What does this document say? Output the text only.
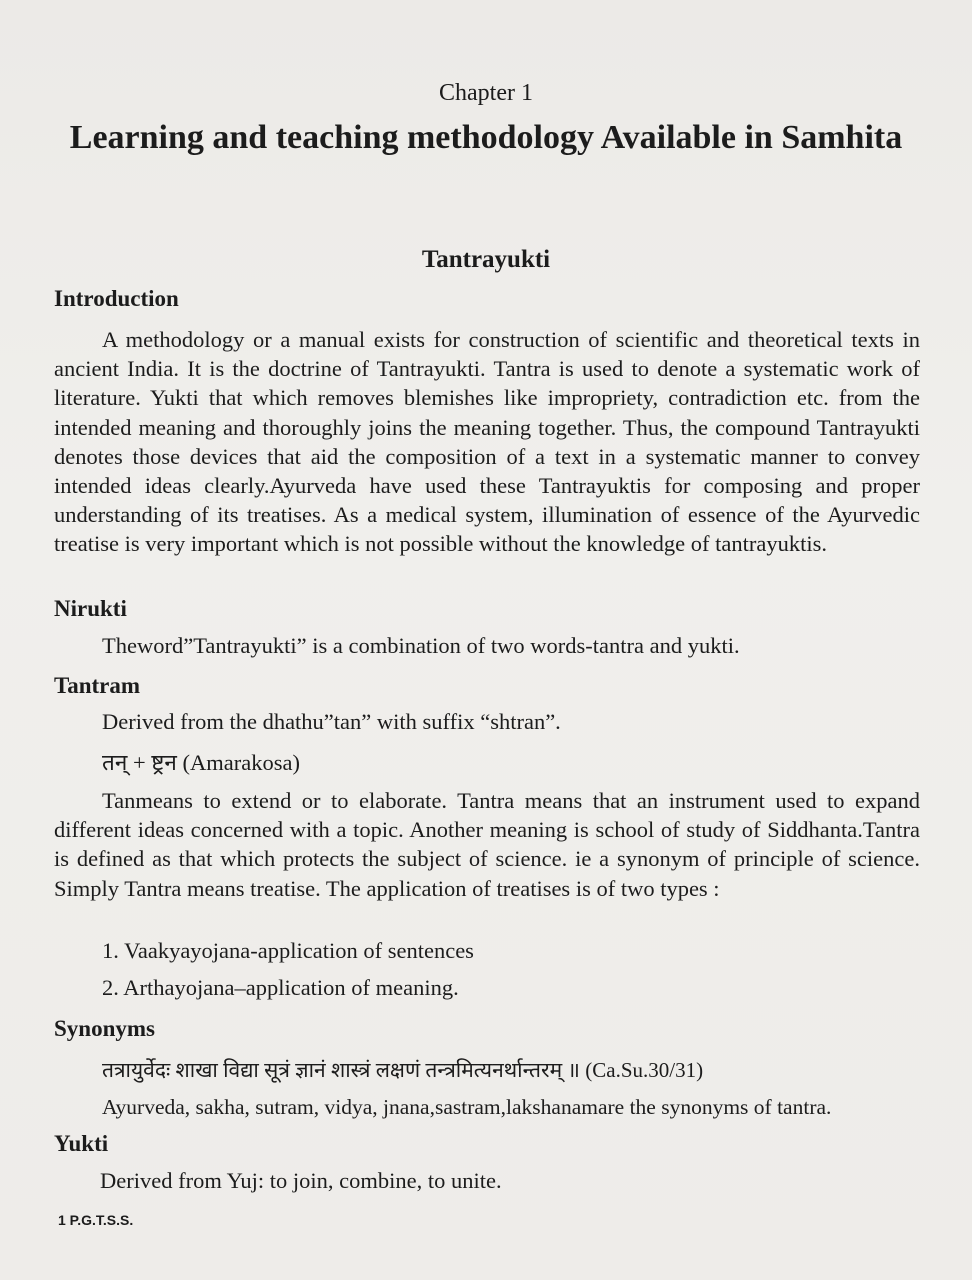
Chapter 1
Learning and teaching methodology Available in Samhita
Tantrayukti
Introduction
A methodology or a manual exists for construction of scientific and theoretical texts in ancient India. It is the doctrine of Tantrayukti. Tantra is used to denote a systematic work of literature. Yukti that which removes blemishes like impropriety, contradiction etc. from the intended meaning and thoroughly joins the meaning together. Thus, the compound Tantrayukti denotes those devices that aid the composition of a text in a systematic manner to convey intended ideas clearly.Ayurveda have used these Tantrayuktis for composing and proper understanding of its treatises. As a medical system, illumination of essence of the Ayurvedic treatise is very important which is not possible without the knowledge of tantrayuktis.
Nirukti
Theword”Tantrayukti” is a combination of two words-tantra and yukti.
Tantram
Derived from the dhathu”tan” with suffix “shtran”.
तन् + ष्ट्रन (Amarakosa)
Tanmeans to extend or to elaborate. Tantra means that an instrument used to expand different ideas concerned with a topic. Another meaning is school of study of Siddhanta.Tantra is defined as that which protects the subject of science. ie a synonym of principle of science. Simply Tantra means treatise. The application of treatises is of two types :
1. Vaakyayojana-application of sentences
2. Arthayojana–application of meaning.
Synonyms
तत्रायुर्वेदः शाखा विद्या सूत्रं ज्ञानं शास्त्रं लक्षणं तन्त्रमित्यनर्थान्तरम् ॥ (Ca.Su.30/31)
Ayurveda, sakha, sutram, vidya, jnana,sastram,lakshanamare the synonyms of tantra.
Yukti
Derived from Yuj: to join, combine, to unite.
1 P.G.T.S.S.
